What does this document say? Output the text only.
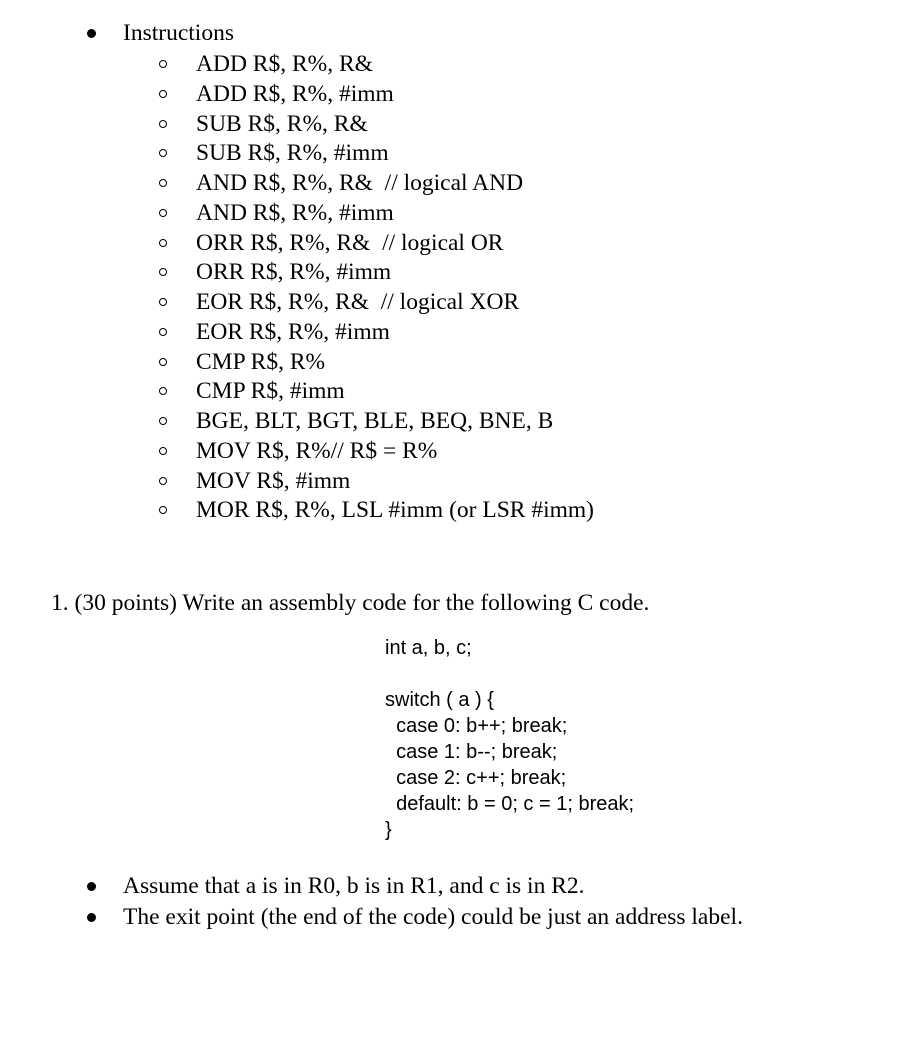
Instructions
ADD R$, R%, R&
ADD R$, R%, #imm
SUB R$, R%, R&
SUB R$, R%, #imm
AND R$, R%, R&  // logical AND
AND R$, R%, #imm
ORR R$, R%, R&  // logical OR
ORR R$, R%, #imm
EOR R$, R%, R&  // logical XOR
EOR R$, R%, #imm
CMP R$, R%
CMP R$, #imm
BGE, BLT, BGT, BLE, BEQ, BNE, B
MOV R$, R%// R$ = R%
MOV R$, #imm
MOR R$, R%, LSL #imm (or LSR #imm)
1. (30 points) Write an assembly code for the following C code.
int a, b, c;
switch ( a ) {
case 0: b++; break;
case 1: b--; break;
case 2: c++; break;
default: b = 0; c = 1; break;
}
Assume that a is in R0, b is in R1, and c is in R2.
The exit point (the end of the code) could be just an address label.
